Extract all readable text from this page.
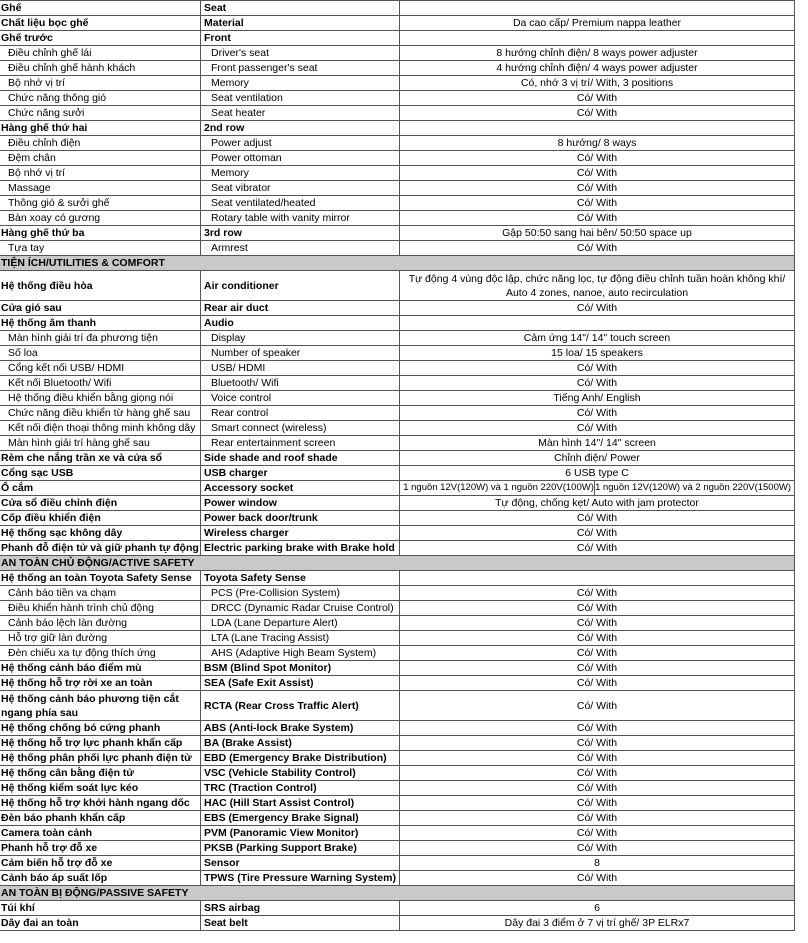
Ghế	Seat	
Chất liệu bọc ghế	Material	Da cao cấp/ Premium nappa leather
Ghế trước	Front	
Điều chỉnh ghế lái	Driver's seat	8 hướng chỉnh điện/ 8 ways power adjuster
Điều chỉnh ghế hành khách	Front passenger's seat	4 hướng chỉnh điện/ 4 ways power adjuster
Bộ nhớ vị trí	Memory	Có, nhớ 3 vị trí/ With, 3 positions
Chức năng thông gió	Seat ventilation	Có/ With
Chức năng sưởi	Seat heater	Có/ With
Hàng ghế thứ hai	2nd row	
Điều chỉnh điện	Power adjust	8 hướng/ 8 ways
Đệm chân	Power ottoman	Có/ With
Bộ nhớ vị trí	Memory	Có/ With
Massage	Seat vibrator	Có/ With
Thông gió & sưởi ghế	Seat ventilated/heated	Có/ With
Bàn xoay có gương	Rotary table with vanity mirror	Có/ With
Hàng ghế thứ ba	3rd row	Gập 50:50 sang hai bên/ 50:50 space up
Tựa tay	Armrest	Có/ With
TIỆN ÍCH/UTILITIES & COMFORT		
Hệ thống điều hòa	Air conditioner	Tự động 4 vùng độc lập, chức năng lọc, tự động điều chỉnh tuần hoàn không khí/ Auto 4 zones, nanoe, auto recirculation
Cửa gió sau	Rear air duct	Có/ With
Hệ thống âm thanh	Audio	
Màn hình giải trí đa phương tiện	Display	Cảm ứng 14"/ 14" touch screen
Số loa	Number of speaker	15 loa/ 15 speakers
Cổng kết nối USB/ HDMI	USB/ HDMI	Có/ With
Kết nối Bluetooth/ Wifi	Bluetooth/ Wifi	Có/ With
Hệ thống điều khiển bằng giọng nói	Voice control	Tiếng Anh/ English
Chức năng điều khiển từ hàng ghế sau	Rear control	Có/ With
Kết nối điện thoại thông minh không dây	Smart connect (wireless)	Có/ With
Màn hình giải trí hàng ghế sau	Rear entertainment screen	Màn hình 14"/ 14" screen
Rèm che nắng trần xe và cửa sổ	Side shade and roof shade	Chỉnh điện/ Power
Cổng sạc USB	USB charger	6 USB type C
Ổ cắm	Accessory socket	1 nguồn 12V(120W) và 1 nguồn 220V(100W) 1 nguồn 12V(120W) và 2 nguồn 220V(1500W)

Cửa sổ điều chỉnh điện	Power window	Tự động, chống kẹt/ Auto with jam protector
Cốp điều khiển điện	Power back door/trunk	Có/ With
Hệ thống sạc không dây	Wireless charger	Có/ With
Phanh đỗ điện tử và giữ phanh tự động	Electric parking brake with Brake hold	Có/ With
AN TOÀN CHỦ ĐỘNG/ACTIVE SAFETY		
Hệ thống an toàn Toyota Safety Sense	Toyota Safety Sense	
Cảnh báo tiền va chạm	PCS (Pre-Collision System)	Có/ With
Điều khiển hành trình chủ động	DRCC (Dynamic Radar Cruise Control)	Có/ With
Cảnh báo lệch làn đường	LDA (Lane Departure Alert)	Có/ With
Hỗ trợ giữ làn đường	LTA (Lane Tracing Assist)	Có/ With
Đèn chiếu xa tự động thích ứng	AHS (Adaptive High Beam System)	Có/ With
Hệ thống cảnh báo điểm mù	BSM (Blind Spot Monitor)	Có/ With
Hệ thống hỗ trợ rời xe an toàn	SEA (Safe Exit Assist)	Có/ With
Hệ thống cảnh báo phương tiện cắt ngang phía sau	RCTA (Rear Cross Traffic Alert)	Có/ With
Hệ thống chống bó cứng phanh	ABS (Anti-lock Brake System)	Có/ With
Hệ thống hỗ trợ lực phanh khẩn cấp	BA (Brake Assist)	Có/ With
Hệ thống phân phối lực phanh điện tử	EBD (Emergency Brake Distribution)	Có/ With
Hệ thống cân bằng điện tử	VSC (Vehicle Stability Control)	Có/ With
Hệ thống kiểm soát lực kéo	TRC (Traction Control)	Có/ With
Hệ thống hỗ trợ khởi hành ngang dốc	HAC (Hill Start Assist Control)	Có/ With
Đèn báo phanh khẩn cấp	EBS (Emergency Brake Signal)	Có/ With
Camera toàn cảnh	PVM (Panoramic View Monitor)	Có/ With
Phanh hỗ trợ đỗ xe	PKSB (Parking Support Brake)	Có/ With
Cảm biến hỗ trợ đỗ xe	Sensor	8
Cảnh báo áp suất lốp	TPWS (Tire Pressure Warning System)	Có/ With
AN TOÀN BỊ ĐỘNG/PASSIVE SAFETY		
Túi khí	SRS airbag	6
Dây đai an toàn	Seat belt	Dây đai 3 điểm ở 7 vị trí ghế/ 3P ELRx7
